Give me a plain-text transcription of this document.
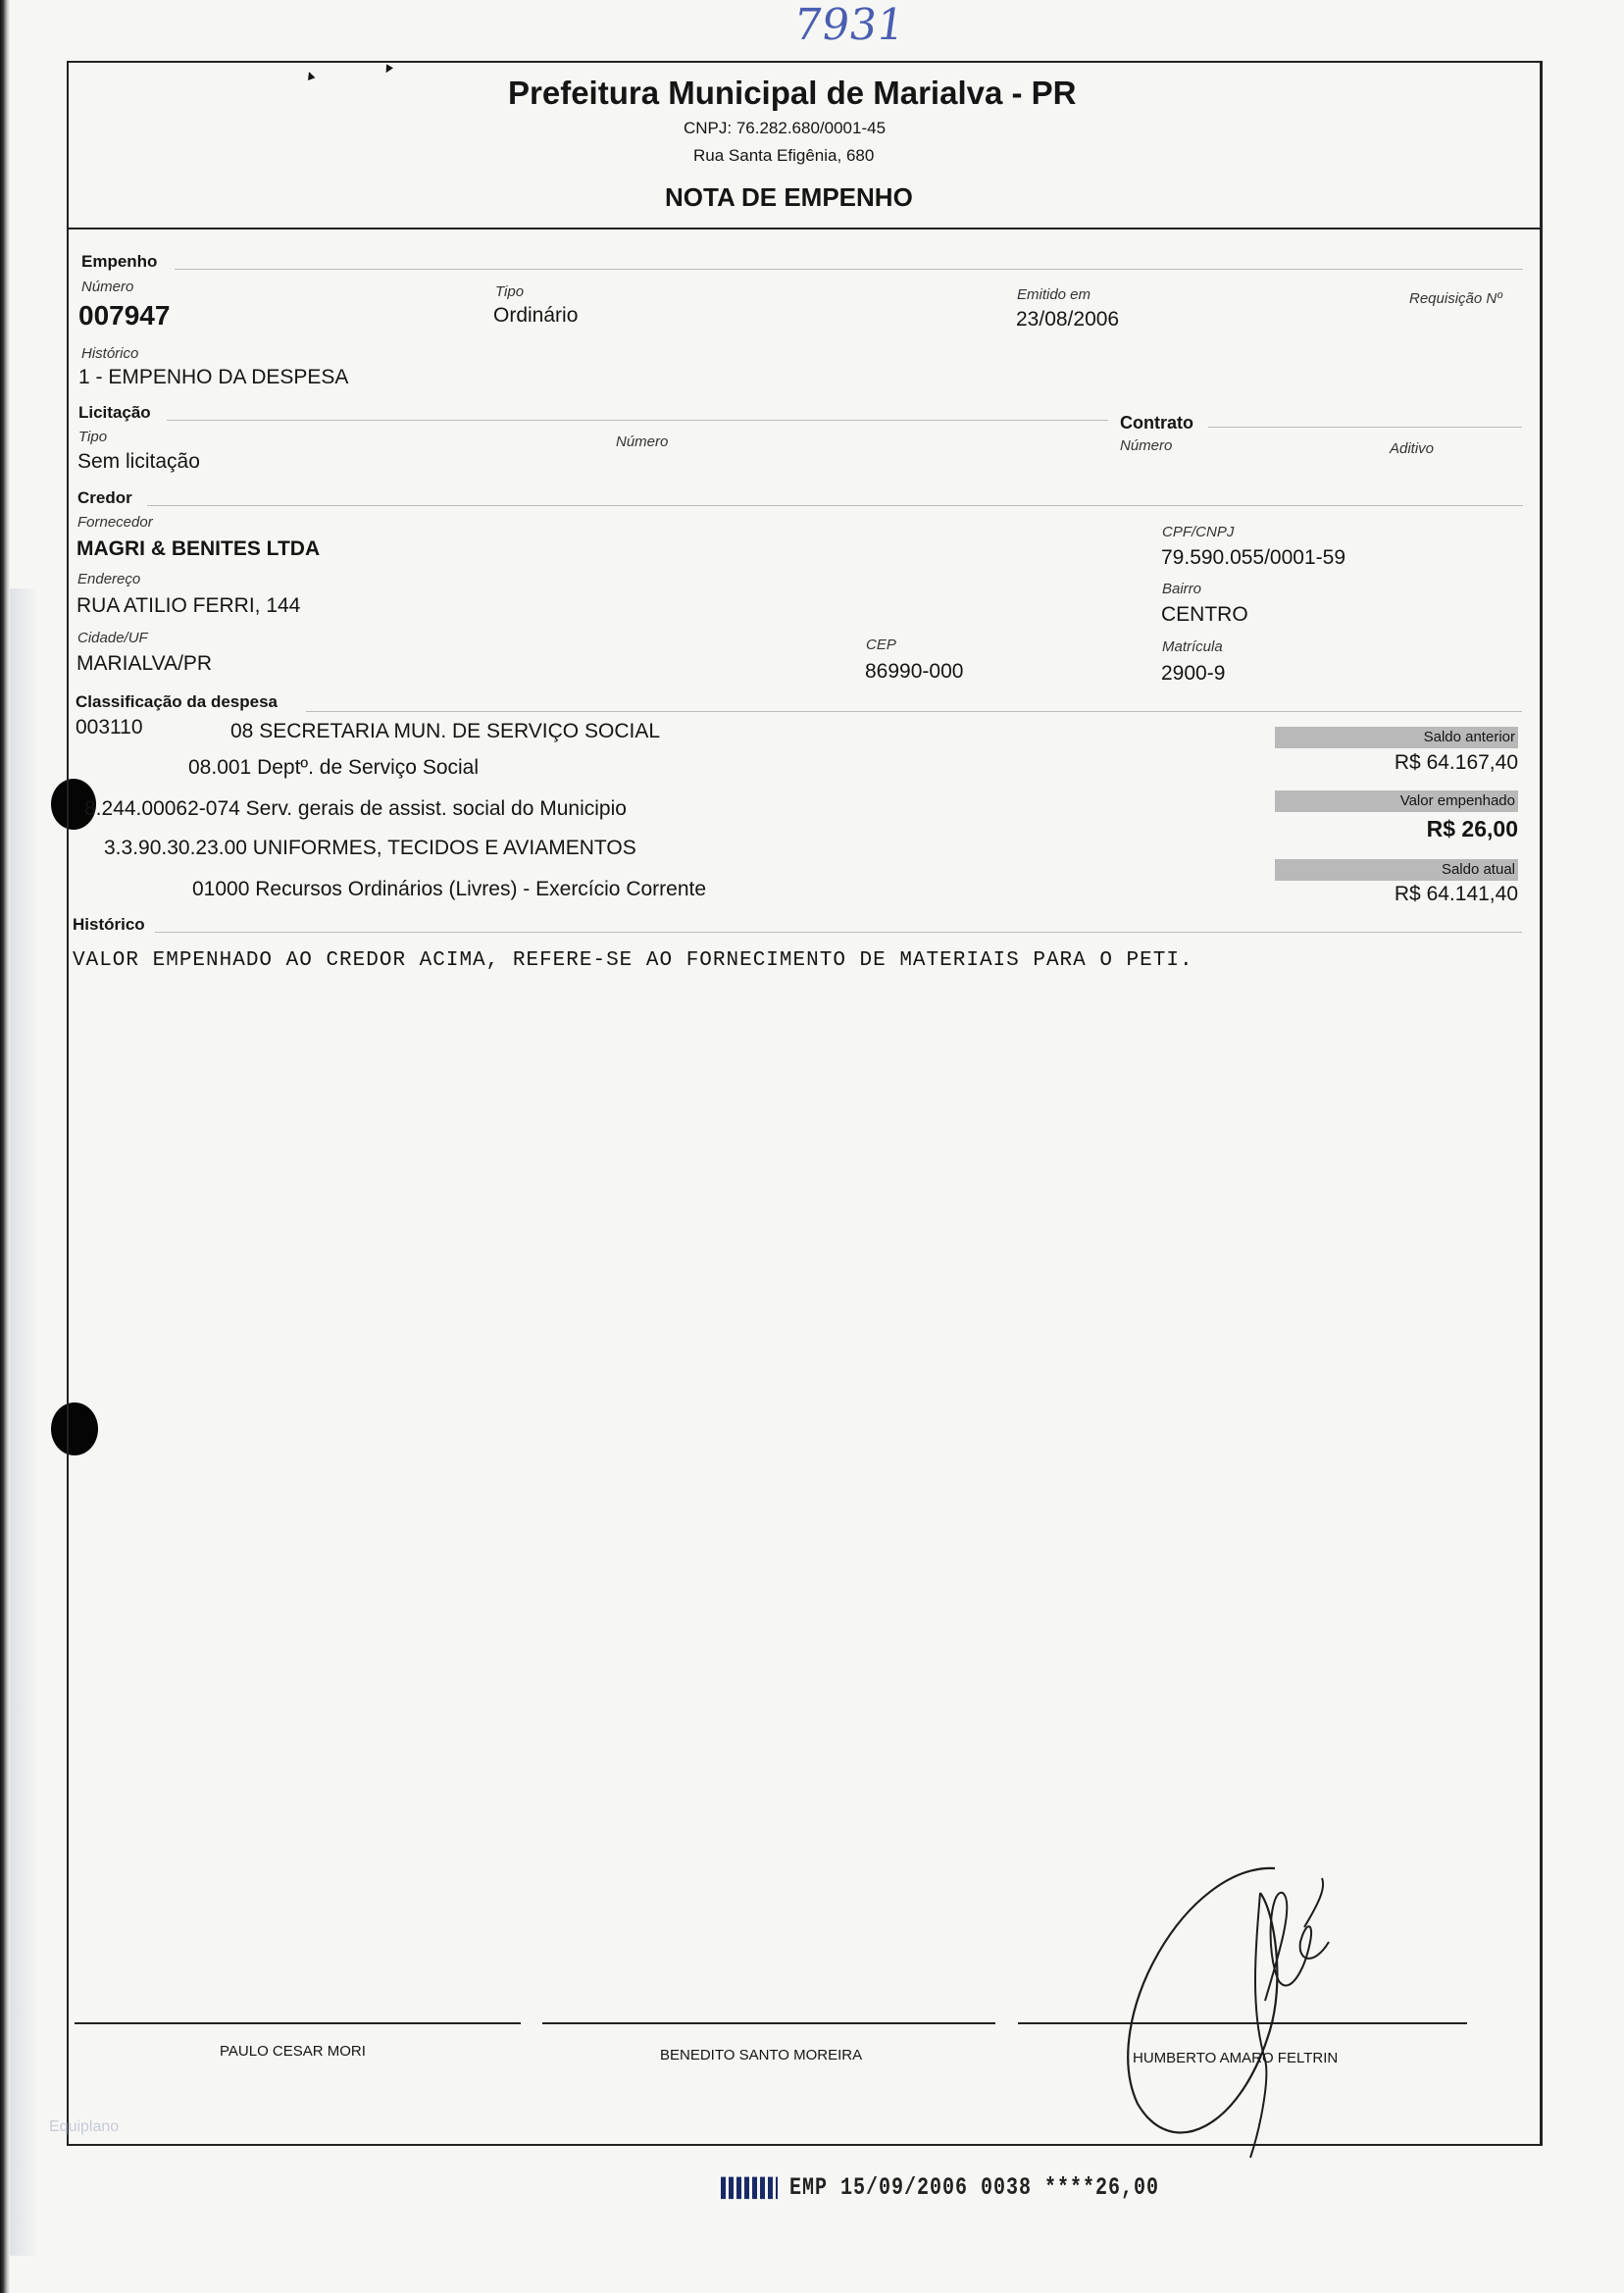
7931
▴	▾
Prefeitura Municipal de Marialva - PR
CNPJ: 76.282.680/0001-45
Rua Santa Efigênia, 680
NOTA DE EMPENHO
Empenho
Número
007947
Tipo
Ordinário
Emitido em
23/08/2006
Requisição Nº
Histórico
1 - EMPENHO DA DESPESA
Licitação
Tipo
Sem licitação
Número
Contrato
Número	Aditivo
Credor
Fornecedor
MAGRI & BENITES LTDA
CPF/CNPJ
79.590.055/0001-59
Endereço
RUA ATILIO FERRI, 144
Bairro
CENTRO
Cidade/UF
MARIALVA/PR
CEP
86990-000
Matrícula
2900-9
Classificação da despesa
003110	08 SECRETARIA MUN. DE SERVIÇO SOCIAL
08.001 Deptº. de Serviço Social
8.244.00062-074 Serv. gerais de assist. social do Municipio
3.3.90.30.23.00 UNIFORMES, TECIDOS E AVIAMENTOS
01000 Recursos Ordinários (Livres) - Exercício Corrente
Saldo anterior
R$ 64.167,40
Valor empenhado
R$ 26,00
Saldo atual
R$ 64.141,40
Histórico
VALOR EMPENHADO AO CREDOR ACIMA, REFERE-SE AO FORNECIMENTO DE MATERIAIS PARA O PETI.
PAULO CESAR MORI	BENEDITO SANTO MOREIRA	HUMBERTO AMARO FELTRIN
Equiplano
EMP 15/09/2006 0038 ****26,00
